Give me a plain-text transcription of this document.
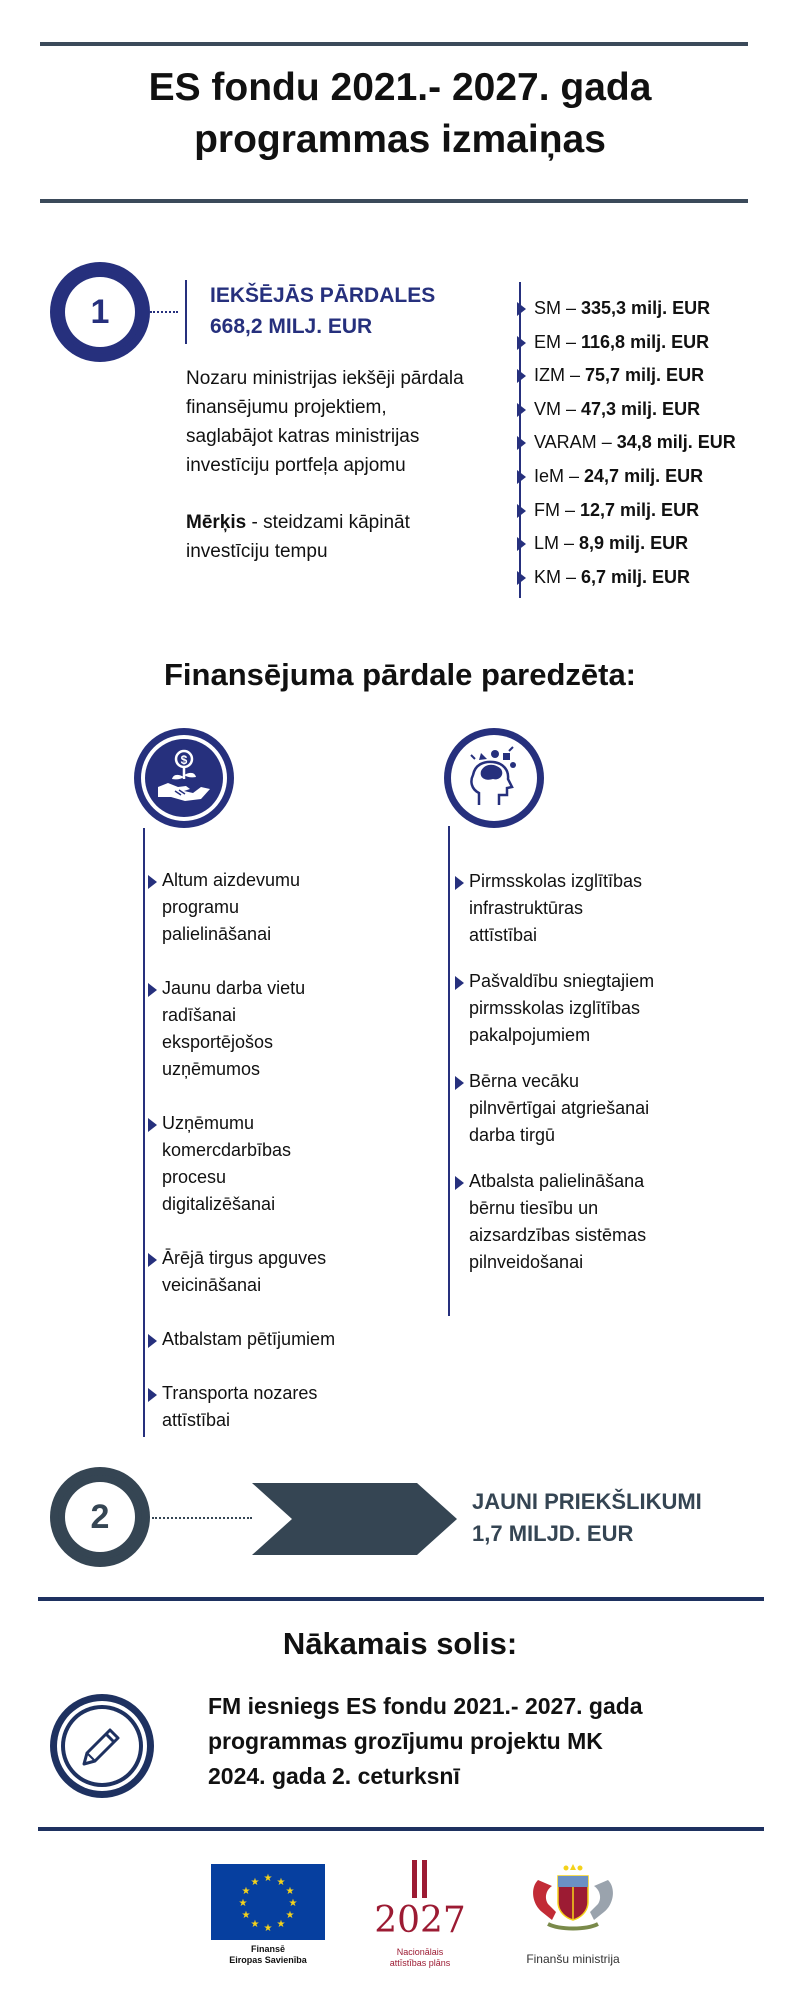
ES fondu 2021.- 2027. gada
programmas izmaiņas
1	IEKŠĒJĀS PĀRDALES
668,2 MILJ. EUR
Nozaru ministrijas iekšēji pārdala
finansējumu projektiem,
saglabājot katras ministrijas
investīciju portfeļa apjomu
Mērķis - steidzami kāpināt
investīciju tempu
SM – 335,3 milj. EUR
EM – 116,8 milj. EUR
IZM – 75,7 milj. EUR
VM – 47,3 milj. EUR
VARAM – 34,8 milj. EUR
IeM – 24,7 milj. EUR
FM – 12,7 milj. EUR
LM – 8,9 milj. EUR
KM – 6,7 milj. EUR
Finansējuma pārdale paredzēta:
$
Altum aizdevumu
programu
palielināšanai
Jaunu darba vietu
radīšanai
eksportējošos
uzņēmumos
Uzņēmumu
komercdarbības
procesu
digitalizēšanai
Ārējā tirgus apguves
veicināšanai
Atbalstam pētījumiem
Transporta nozares
attīstībai
Pirmsskolas izglītības
infrastruktūras
attīstībai
Pašvaldību sniegtajiem
pirmsskolas izglītības
pakalpojumiem
Bērna vecāku
pilnvērtīgai atgriešanai
darba tirgū
Atbalsta palielināšana
bērnu tiesību un
aizsardzības sistēmas
pilnveidošanai
2	JAUNI PRIEKŠLIKUMI
1,7 MILJD. EUR
Nākamais solis:
FM iesniegs ES fondu 2021.- 2027. gada
programmas grozījumu projektu MK
2024. gada 2. ceturksnī
★ ★
★
★
★
★
★
★
★
★
★
★
Finansē
Eiropas Savienība
2027
Nacionālais
attīstības plāns	Finanšu ministrija
